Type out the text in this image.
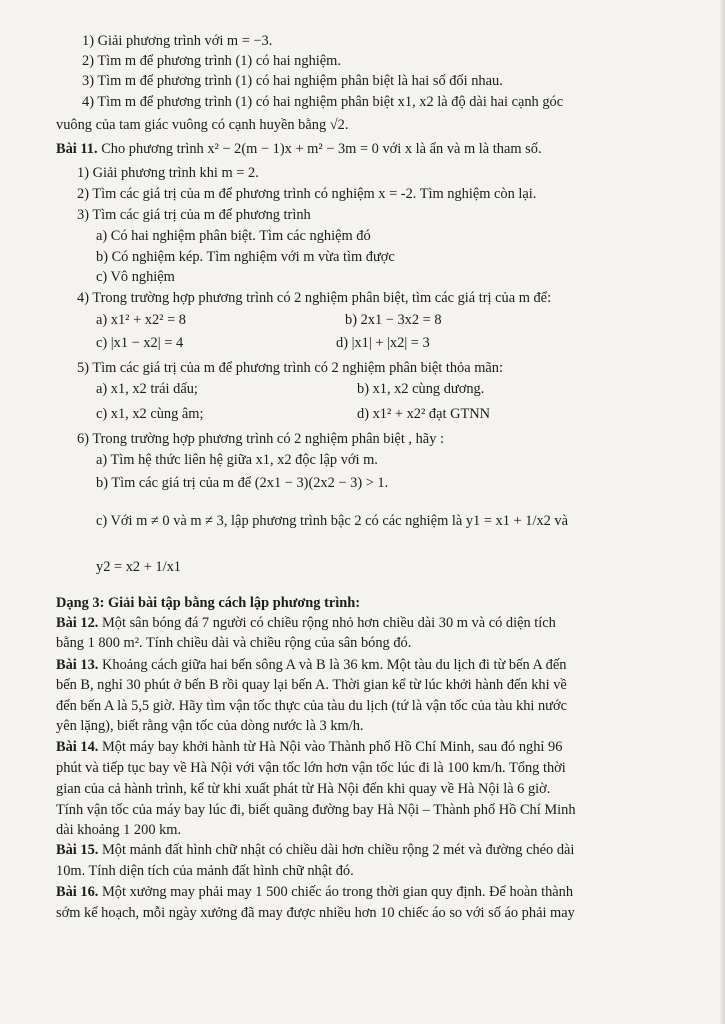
1) Giải phương trình với m = −3.
2) Tìm m để phương trình (1) có hai nghiệm.
3) Tìm m để phương trình (1) có hai nghiệm phân biệt là hai số đối nhau.
4) Tìm m để phương trình (1) có hai nghiệm phân biệt x1, x2 là độ dài hai cạnh góc
vuông của tam giác vuông có cạnh huyền bằng √2.
Bài 11. Cho phương trình x² − 2(m − 1)x + m² − 3m = 0 với x là ẩn và m là tham số.
1) Giải phương trình khi m = 2.
2) Tìm các giá trị của m để phương trình có nghiệm x = -2. Tìm nghiệm còn lại.
3) Tìm các giá trị của m để phương trình
a) Có hai nghiệm phân biệt. Tìm các nghiệm đó
b) Có nghiệm kép. Tìm nghiệm với m vừa tìm được
c) Vô nghiệm
4) Trong trường hợp phương trình có 2 nghiệm phân biệt, tìm các giá trị của m để:
a) x1² + x2² = 8	b) 2x1 − 3x2 = 8
c) |x1 − x2| = 4	d) |x1| + |x2| = 3
5) Tìm các giá trị của m để phương trình có 2 nghiệm phân biệt thỏa mãn:
a) x1, x2 trái dấu;	b) x1, x2 cùng dương.
c) x1, x2 cùng âm;	d) x1² + x2² đạt GTNN
6) Trong trường hợp phương trình có 2 nghiệm phân biệt , hãy :
a) Tìm hệ thức liên hệ giữa x1, x2 độc lập với m.
b) Tìm các giá trị của m để (2x1 − 3)(2x2 − 3) > 1.
c) Với m ≠ 0 và m ≠ 3, lập phương trình bậc 2 có các nghiệm là y1 = x1 + 1/x2 và
y2 = x2 + 1/x1
Dạng 3: Giải bài tập bằng cách lập phương trình:
Bài 12. Một sân bóng đá 7 người có chiều rộng nhỏ hơn chiều dài 30 m và có diện tích
bằng 1 800 m². Tính chiều dài và chiều rộng của sân bóng đó.
Bài 13. Khoảng cách giữa hai bến sông A và B là 36 km. Một tàu du lịch đi từ bến A đến
bến B, nghỉ 30 phút ở bến B rồi quay lại bến A. Thời gian kể từ lúc khởi hành đến khi về
đến bến A là 5,5 giờ. Hãy tìm vận tốc thực của tàu du lịch (tứ là vận tốc của tàu khi nước
yên lặng), biết rằng vận tốc của dòng nước là 3 km/h.
Bài 14. Một máy bay khởi hành từ Hà Nội vào Thành phố Hồ Chí Minh, sau đó nghỉ 96
phút và tiếp tục bay về Hà Nội với vận tốc lớn hơn vận tốc lúc đi là 100 km/h. Tổng thời
gian của cả hành trình, kể từ khi xuất phát từ Hà Nội đến khi quay về Hà Nội là 6 giờ.
Tính vận tốc của máy bay lúc đi, biết quãng đường bay Hà Nội – Thành phố Hồ Chí Minh
dài khoảng 1 200 km.
Bài 15. Một mảnh đất hình chữ nhật có chiều dài hơn chiều rộng 2 mét và đường chéo dài
10m. Tính diện tích của mảnh đất hình chữ nhật đó.
Bài 16. Một xưởng may phải may 1 500 chiếc áo trong thời gian quy định. Để hoàn thành
sớm kế hoạch, mỗi ngày xưởng đã may được nhiều hơn 10 chiếc áo so với số áo phải may
